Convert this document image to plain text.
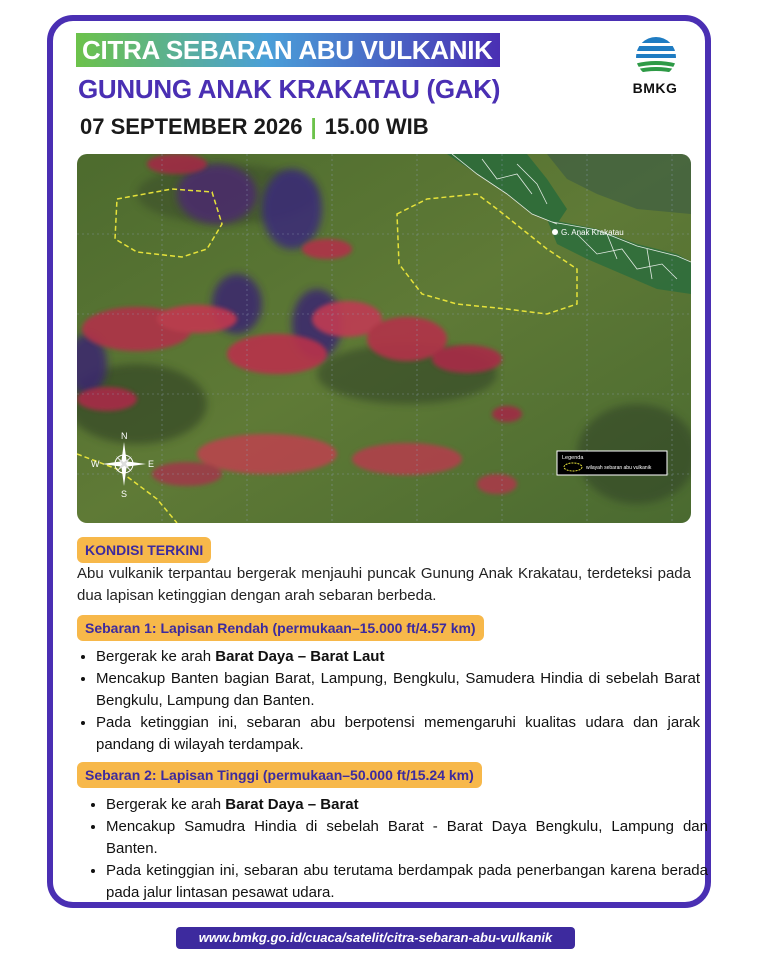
CITRA SEBARAN ABU VULKANIK
GUNUNG ANAK KRAKATAU (GAK)
07 SEPTEMBER 2026 | 15.00 WIB
BMKG
G. Anak Krakatau
N
S
E
W
Legenda
wilayah sebaran abu vulkanik
KONDISI TERKINI
Abu vulkanik terpantau bergerak menjauhi puncak Gunung Anak Krakatau, terdeteksi pada dua lapisan ketinggian dengan arah sebaran berbeda.
Sebaran 1: Lapisan Rendah (permukaan–15.000 ft/4.57 km)
• Bergerak ke arah Barat Daya – Barat Laut
• Mencakup Banten bagian Barat, Lampung, Bengkulu, Samudera Hindia di sebelah Barat Bengkulu, Lampung dan Banten.
• Pada ketinggian ini, sebaran abu berpotensi memengaruhi kualitas udara dan jarak pandang di wilayah terdampak.
Sebaran 2: Lapisan Tinggi (permukaan–50.000 ft/15.24 km)
• Bergerak ke arah Barat Daya – Barat
• Mencakup Samudra Hindia di sebelah Barat - Barat Daya Bengkulu, Lampung dan Banten.
• Pada ketinggian ini, sebaran abu terutama berdampak pada penerbangan karena berada pada jalur lintasan pesawat udara.
www.bmkg.go.id/cuaca/satelit/citra-sebaran-abu-vulkanik
